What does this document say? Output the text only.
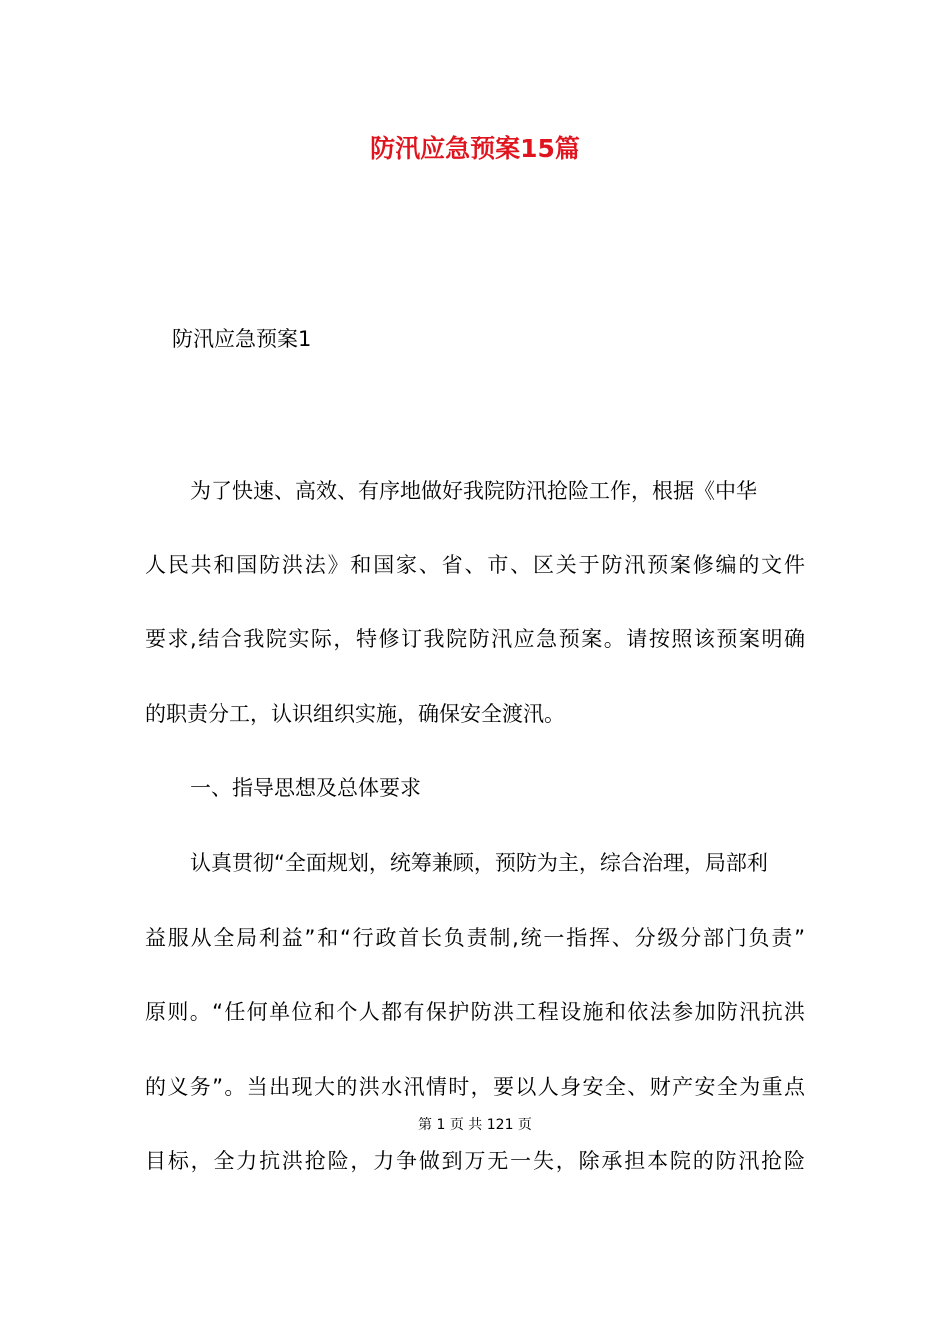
防汛应急预案15篇
防汛应急预案1
为了快速、高效、有序地做好我院防汛抢险工作，根据《中华
人民共和国防洪法》和国家、省、市、区关于防汛预案修编的文件
要求,结合我院实际，特修订我院防汛应急预案。请按照该预案明确
的职责分工，认识组织实施，确保安全渡汛。
一、指导思想及总体要求
认真贯彻“全面规划，统筹兼顾，预防为主，综合治理，局部利
益服从全局利益”和“行政首长负责制,统一指挥、分级分部门负责”
原则。“任何单位和个人都有保护防洪工程设施和依法参加防汛抗洪
的义务”。当出现大的洪水汛情时，要以人身安全、财产安全为重点
第 1 页 共 121 页
目标，全力抗洪抢险，力争做到万无一失，除承担本院的防汛抢险
